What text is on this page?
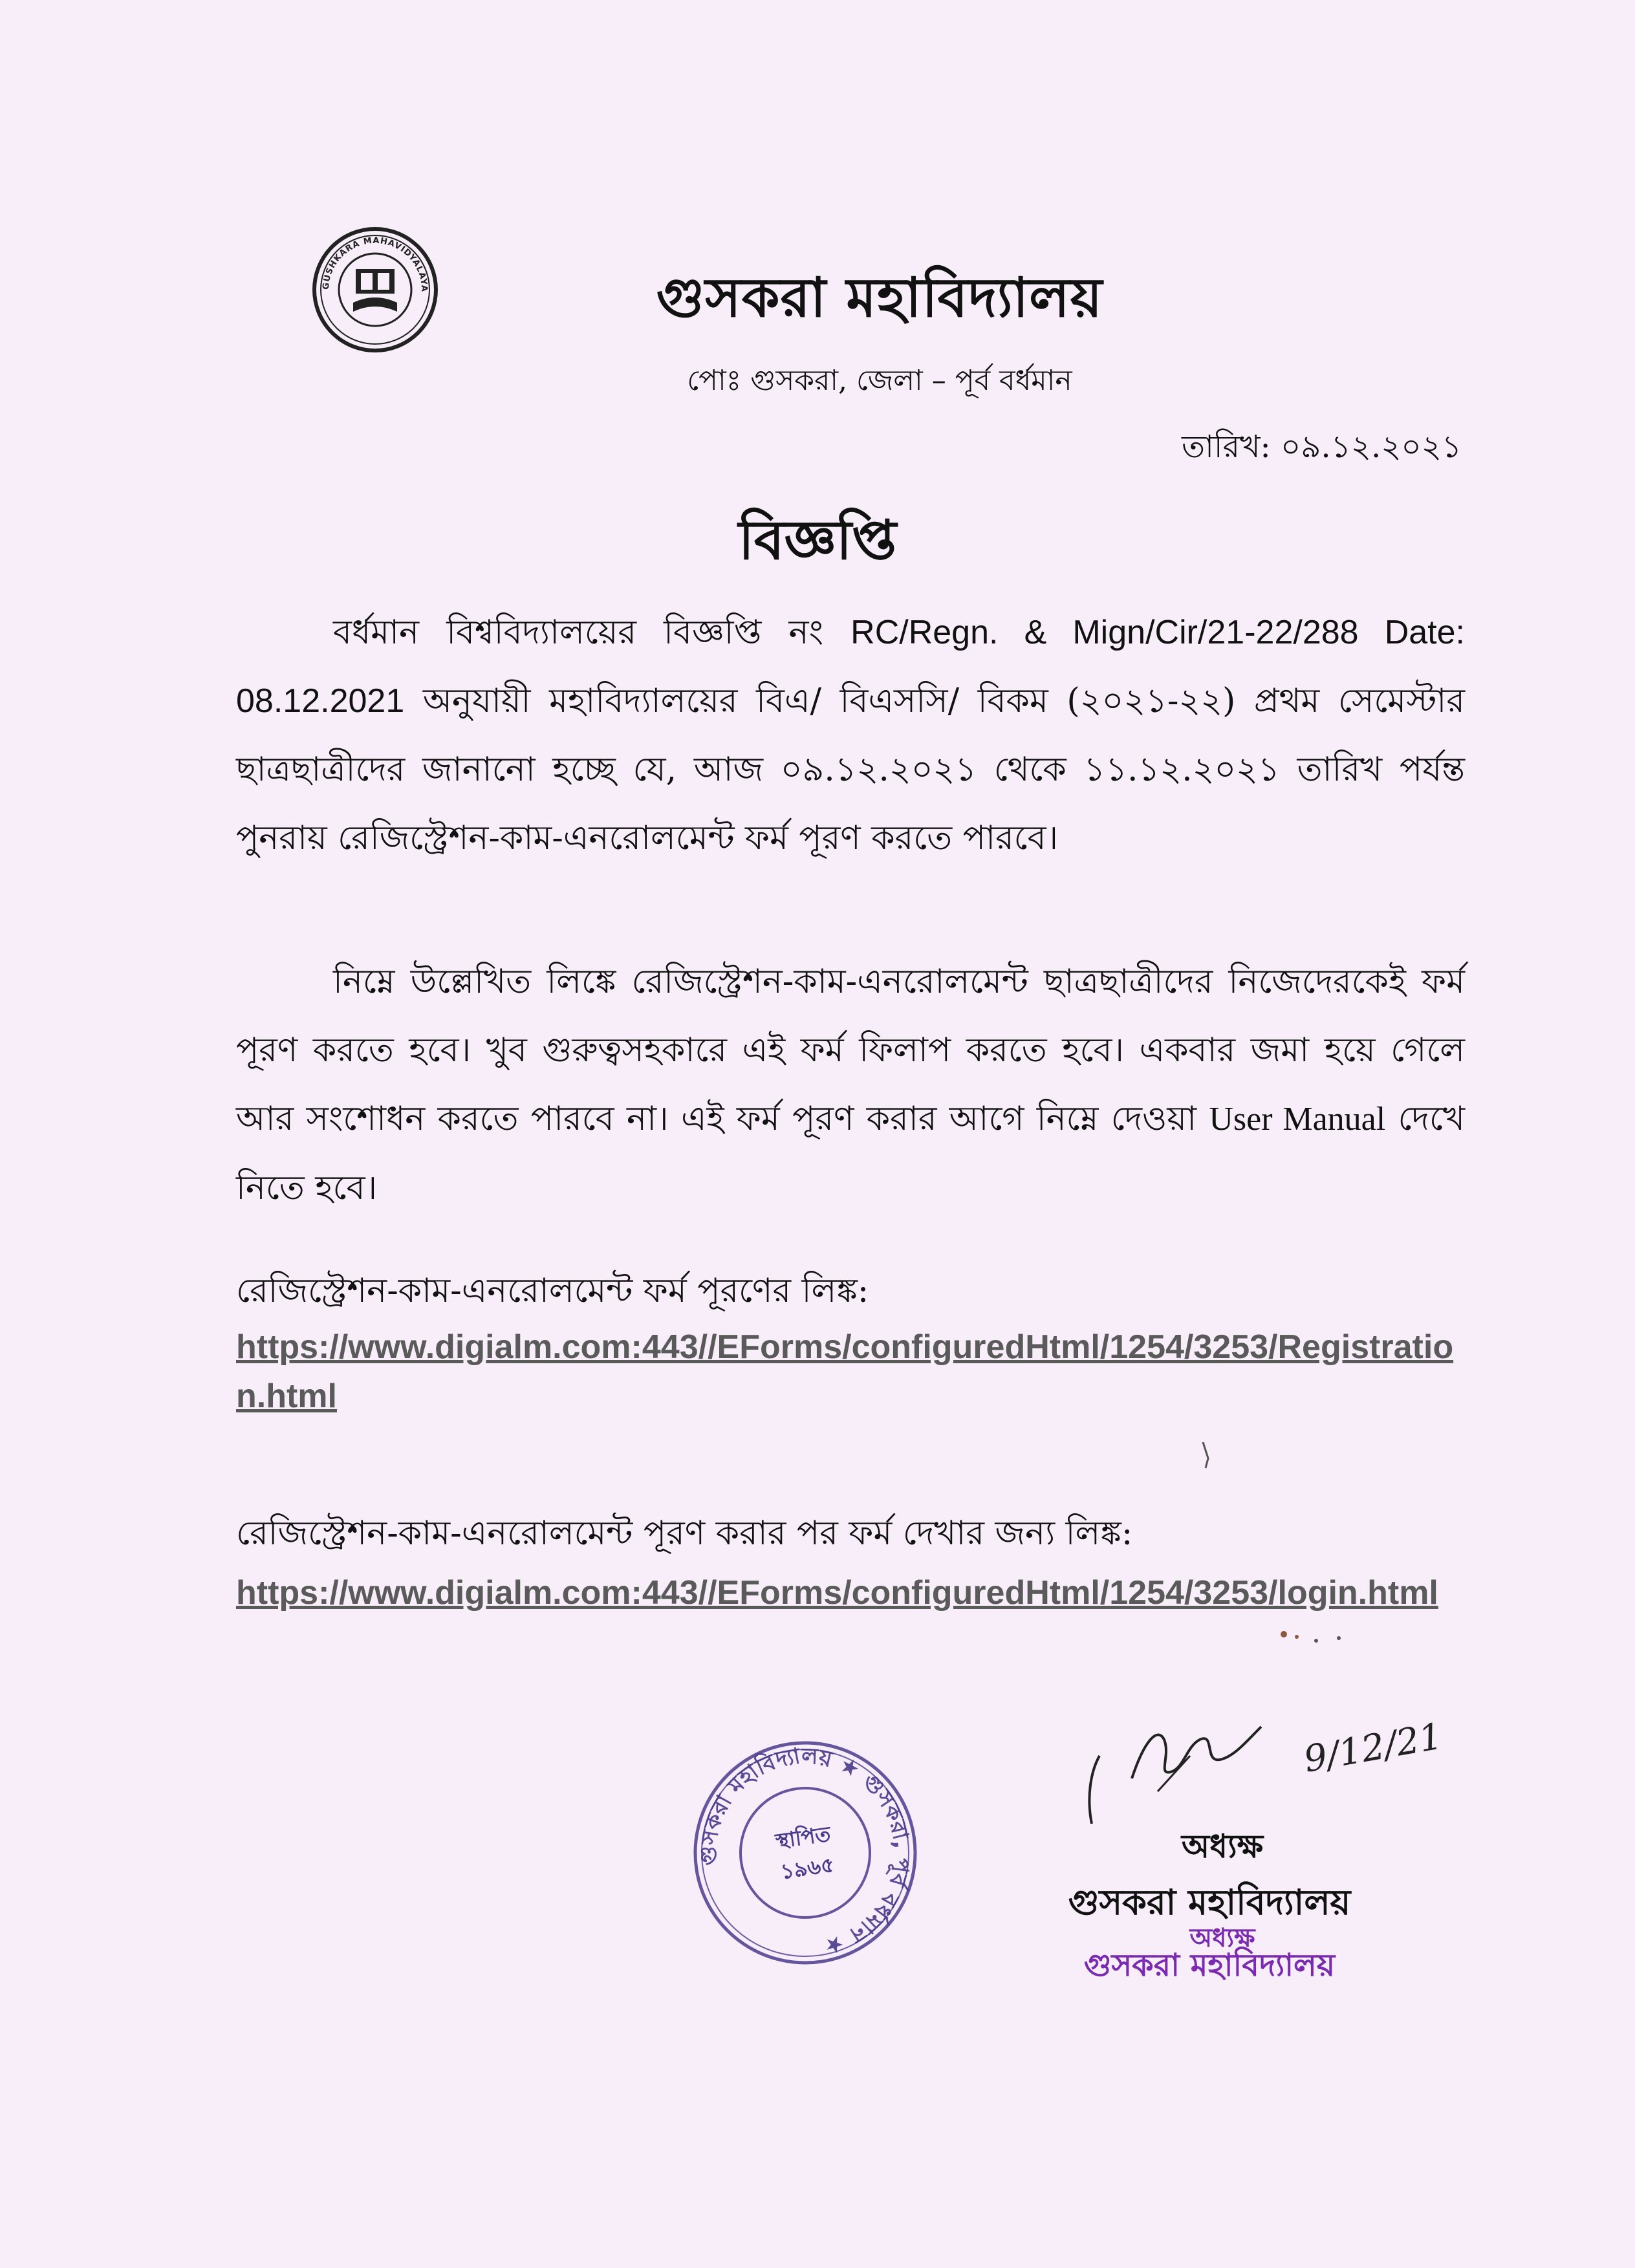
GUSHKARA MAHAVIDYALAYA	গুসকরা মহাবিদ্যালয়
পোঃ গুসকরা, জেলা – পূর্ব বর্ধমান
তারিখ: ০৯.১২.২০২১
বিজ্ঞপ্তি
বর্ধমান বিশ্ববিদ্যালয়ের বিজ্ঞপ্তি নং RC/Regn. & Mign/Cir/21-22/288 Date: 08.12.2021 অনুযায়ী মহাবিদ্যালয়ের বিএ/ বিএসসি/ বিকম (২০২১-২২) প্রথম সেমেস্টার ছাত্রছাত্রীদের জানানো হচ্ছে যে, আজ ০৯.১২.২০২১ থেকে ১১.১২.২০২১ তারিখ পর্যন্ত পুনরায় রেজিস্ট্রেশন-কাম-এনরোলমেন্ট ফর্ম পূরণ করতে পারবে।
নিম্নে উল্লেখিত লিঙ্কে রেজিস্ট্রেশন-কাম-এনরোলমেন্ট ছাত্রছাত্রীদের নিজেদেরকেই ফর্ম পূরণ করতে হবে। খুব গুরুত্বসহকারে এই ফর্ম ফিলাপ করতে হবে। একবার জমা হয়ে গেলে আর সংশোধন করতে পারবে না। এই ফর্ম পূরণ করার আগে নিম্নে দেওয়া User Manual দেখে নিতে হবে।
রেজিস্ট্রেশন-কাম-এনরোলমেন্ট ফর্ম পূরণের লিঙ্ক:
https://www.digialm.com:443//EForms/configuredHtml/1254/3253/Registration.html
রেজিস্ট্রেশন-কাম-এনরোলমেন্ট পূরণ করার পর ফর্ম দেখার জন্য লিঙ্ক:
https://www.digialm.com:443//EForms/configuredHtml/1254/3253/login.html
গুসকরা মহাবিদ্যালয় ★ গুসকরা, পূর্ব বর্ধমান ★
স্থাপিত
১৯৬৫
9/12/21
অধ্যক্ষ
গুসকরা মহাবিদ্যালয়
অধ্যক্ষ
গুসকরা মহাবিদ্যালয়
